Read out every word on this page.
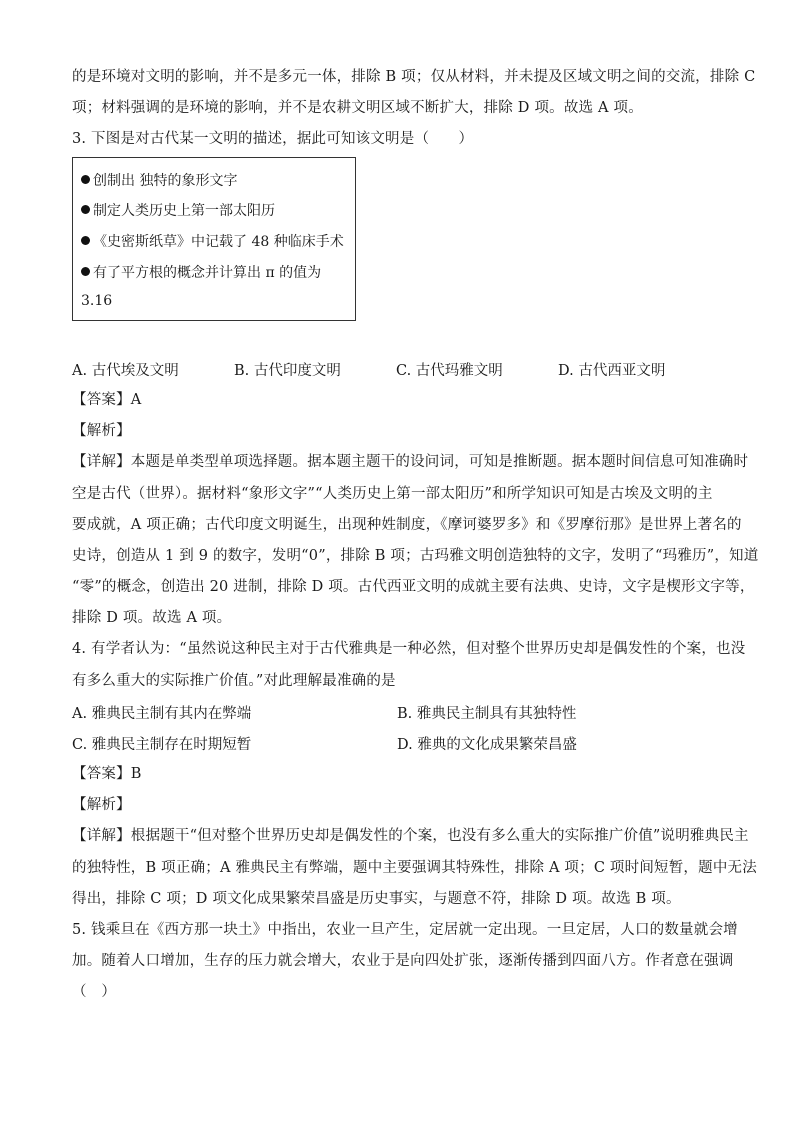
的是环境对文明的影响，并不是多元一体，排除 B 项；仅从材料，并未提及区域文明之间的交流，排除 C
项；材料强调的是环境的影响，并不是农耕文明区域不断扩大，排除 D 项。故选 A 项。
3. 下图是对古代某一文明的描述，据此可知该文明是（　　）
创制出 独特的象形文字
制定人类历史上第一部太阳历
《史密斯纸草》中记载了 48 种临床手术
有了平方根的概念并计算出 π 的值为
3.16
A. 古代埃及文明	B. 古代印度文明	C. 古代玛雅文明	D. 古代西亚文明
【答案】A
【解析】
【详解】本题是单类型单项选择题。据本题主题干的设问词，可知是推断题。据本题时间信息可知准确时
空是古代（世界）。据材料“象形文字”“人类历史上第一部太阳历”和所学知识可知是古埃及文明的主
要成就，A 项正确；古代印度文明诞生，出现种姓制度，《摩诃婆罗多》和《罗摩衍那》是世界上著名的
史诗，创造从 1 到 9 的数字，发明“0”，排除 B 项；古玛雅文明创造独特的文字，发明了“玛雅历”，知道
“零”的概念，创造出 20 进制，排除 D 项。古代西亚文明的成就主要有法典、史诗，文字是楔形文字等，
排除 D 项。故选 A 项。
4. 有学者认为：“虽然说这种民主对于古代雅典是一种必然，但对整个世界历史却是偶发性的个案，也没
有多么重大的实际推广价值。”对此理解最准确的是
A. 雅典民主制有其内在弊端	B. 雅典民主制具有其独特性
C. 雅典民主制存在时期短暂	D. 雅典的文化成果繁荣昌盛
【答案】B
【解析】
【详解】根据题干“但对整个世界历史却是偶发性的个案，也没有多么重大的实际推广价值”说明雅典民主
的独特性，B 项正确；A 雅典民主有弊端，题中主要强调其特殊性，排除 A 项；C 项时间短暂，题中无法
得出，排除 C 项；D 项文化成果繁荣昌盛是历史事实，与题意不符，排除 D 项。故选 B 项。
5. 钱乘旦在《西方那一块土》中指出，农业一旦产生，定居就一定出现。一旦定居，人口的数量就会增
加。随着人口增加，生存的压力就会增大，农业于是向四处扩张，逐渐传播到四面八方。作者意在强调
（　）
